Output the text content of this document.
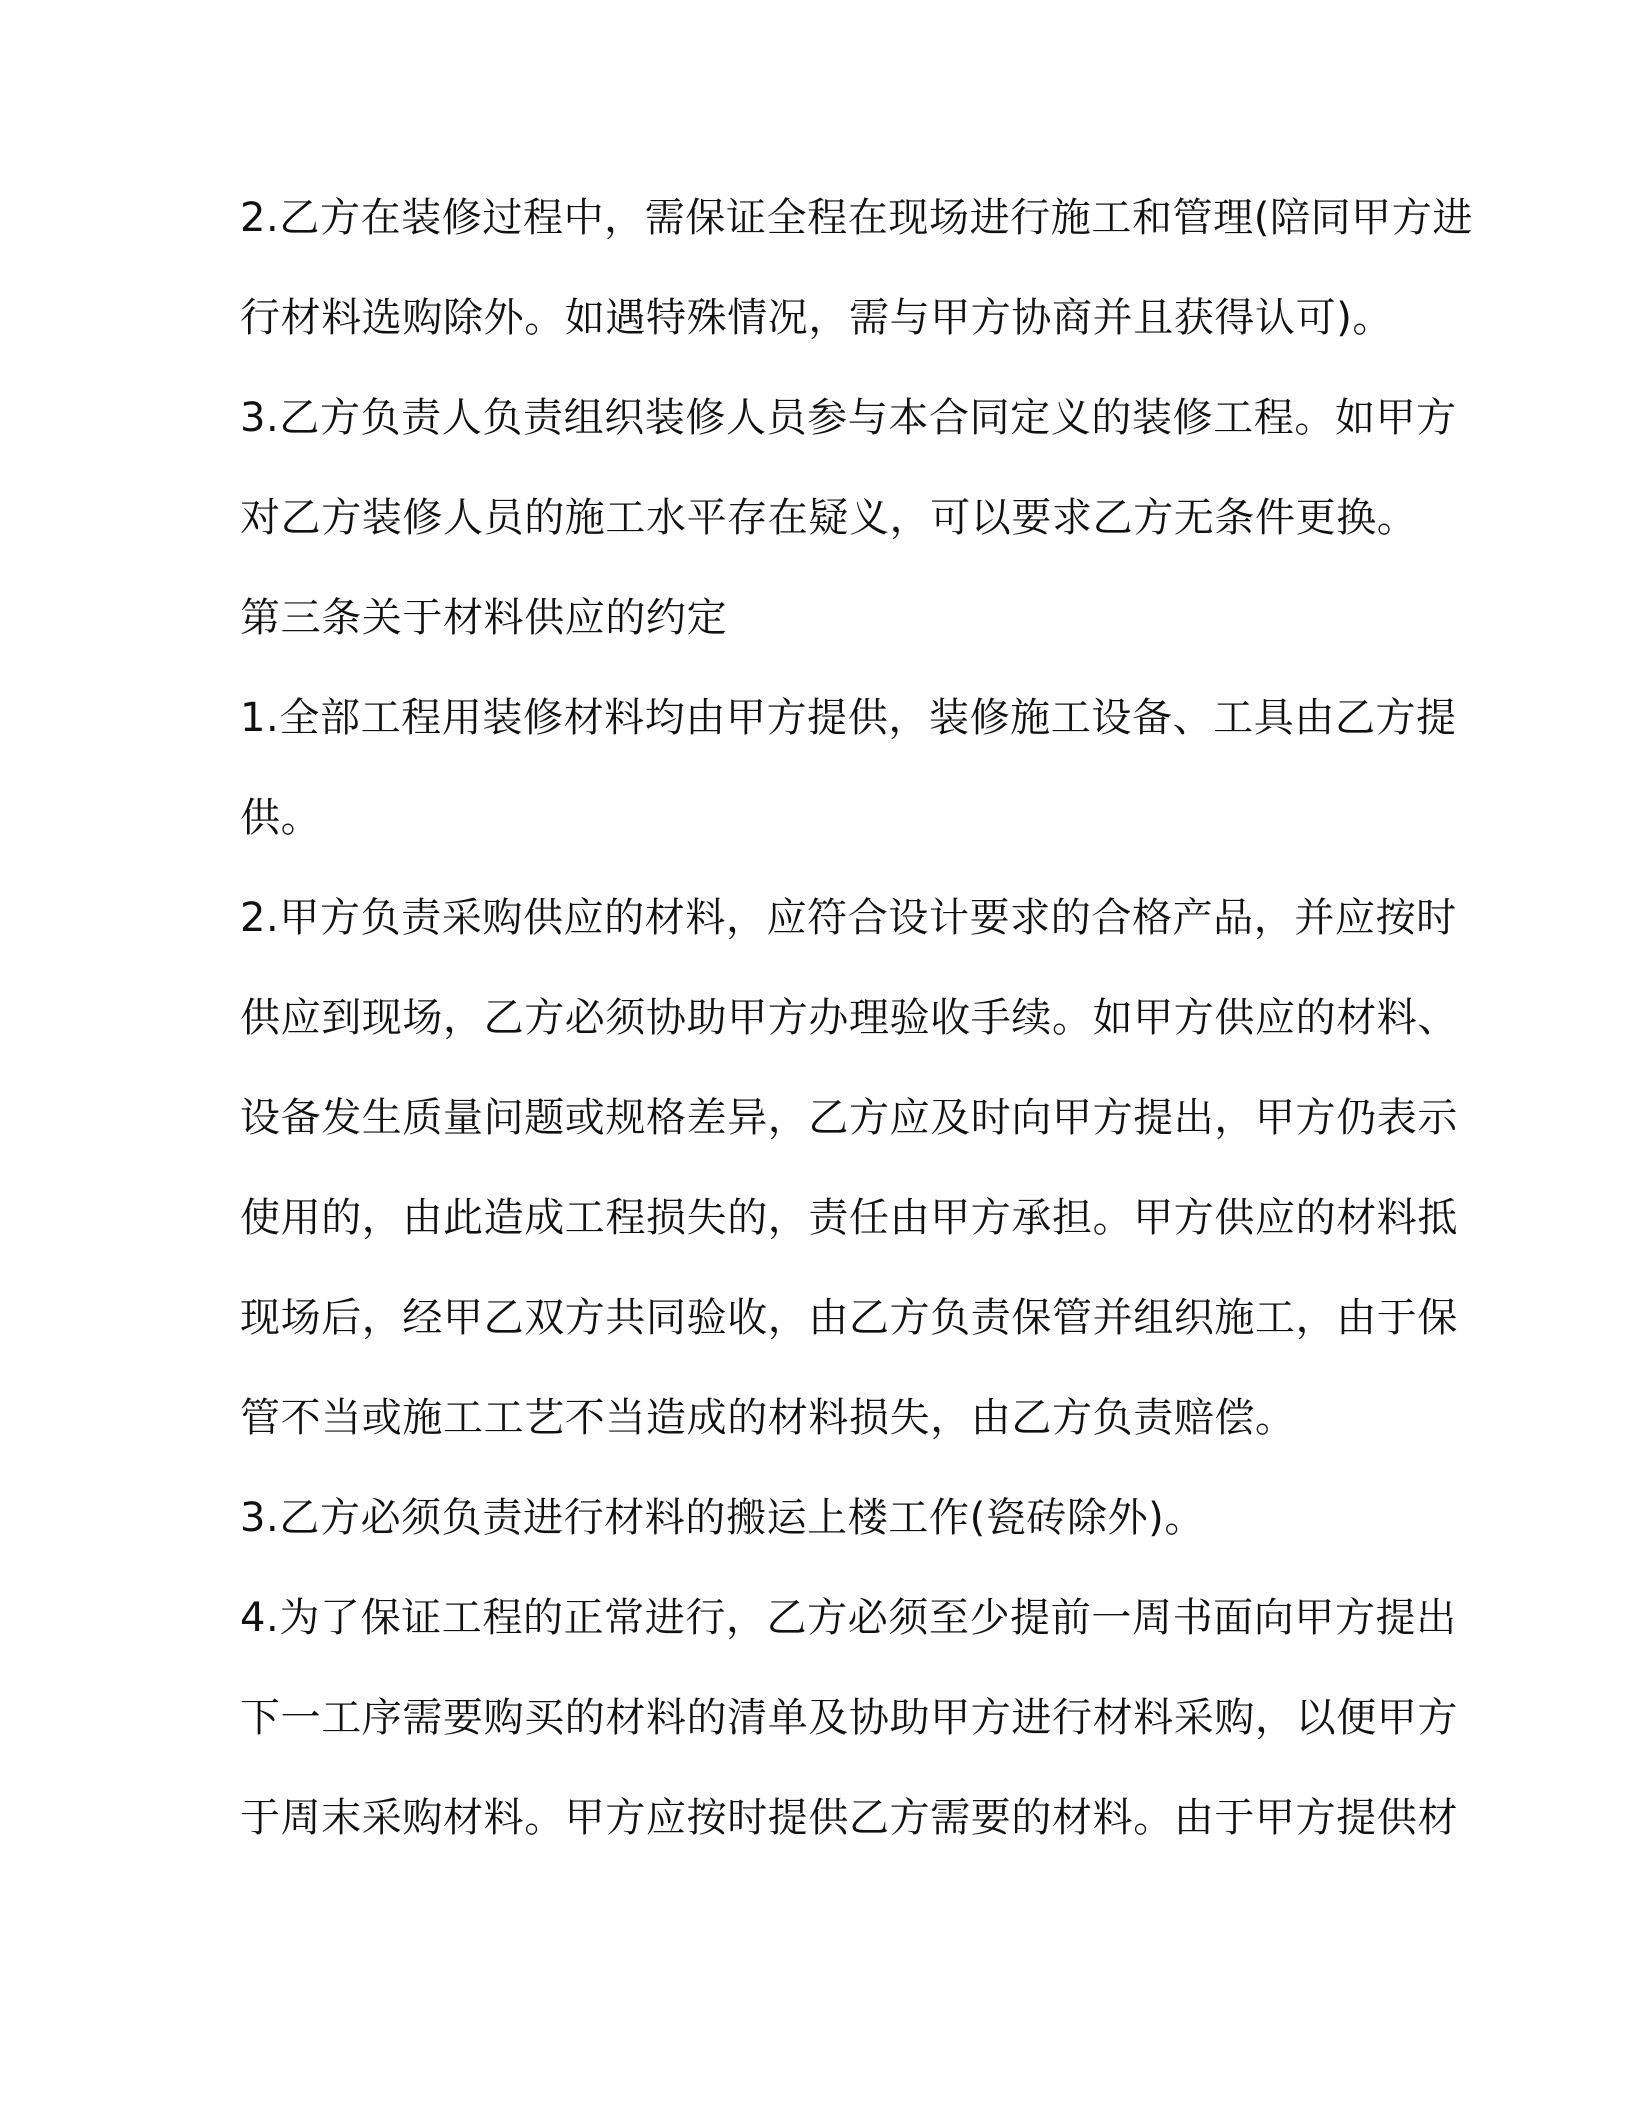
2.乙方在装修过程中，需保证全程在现场进行施工和管理(陪同甲方进
行材料选购除外。如遇特殊情况，需与甲方协商并且获得认可)。
3.乙方负责人负责组织装修人员参与本合同定义的装修工程。如甲方
对乙方装修人员的施工水平存在疑义，可以要求乙方无条件更换。
第三条关于材料供应的约定
1.全部工程用装修材料均由甲方提供，装修施工设备、工具由乙方提
供。
2.甲方负责采购供应的材料，应符合设计要求的合格产品，并应按时
供应到现场，乙方必须协助甲方办理验收手续。如甲方供应的材料、
设备发生质量问题或规格差异，乙方应及时向甲方提出，甲方仍表示
使用的，由此造成工程损失的，责任由甲方承担。甲方供应的材料抵
现场后，经甲乙双方共同验收，由乙方负责保管并组织施工，由于保
管不当或施工工艺不当造成的材料损失，由乙方负责赔偿。
3.乙方必须负责进行材料的搬运上楼工作(瓷砖除外)。
4.为了保证工程的正常进行，乙方必须至少提前一周书面向甲方提出
下一工序需要购买的材料的清单及协助甲方进行材料采购，以便甲方
于周末采购材料。甲方应按时提供乙方需要的材料。由于甲方提供材
